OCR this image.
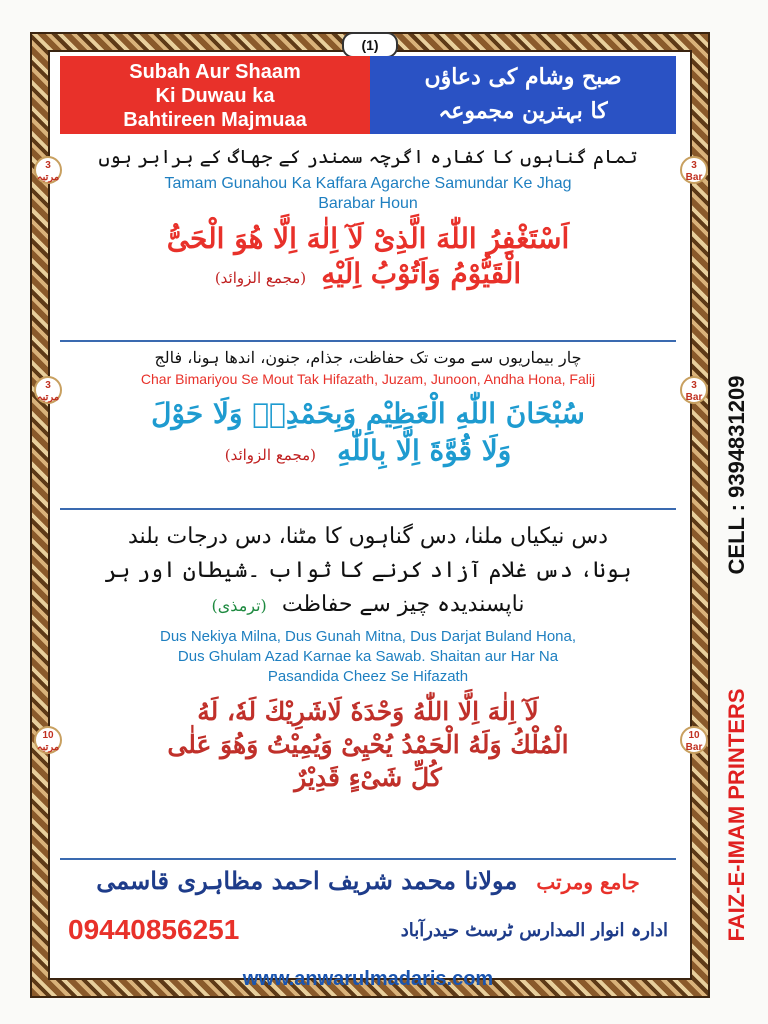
(1)
Subah Aur Shaam
Ki Duwau ka
Bahtireen Majmuaa
صبح وشام کی دعاؤں
کا بہترین مجموعہ
تمام گناہوں کا کفارہ اگرچہ سمندر کے جھاگ کے برابر ہوں
Tamam Gunahou Ka Kaffara Agarche Samundar Ke Jhag Barabar Houn
اَسْتَغْفِرُ اللّٰهَ الَّذِىْ لَآ اِلٰهَ اِلَّا هُوَ الْحَىُّ
الْقَيُّوْمُ وَاَتُوْبُ اِلَيْهِ (مجمع الزوائد)
3 مرتبہ
3 Bar
چار بیماریوں سے موت تک حفاظت، جذام، جنون، اندھا ہونا، فالج
Char Bimariyou Se Mout Tak Hifazath, Juzam, Junoon, Andha Hona, Falij
سُبْحَانَ اللّٰهِ الْعَظِيْمِ وَبِحَمْدِهٖ وَلَا حَوْلَ
وَلَا قُوَّةَ اِلَّا بِاللّٰهِ (مجمع الزوائد)
3 مرتبہ
3 Bar
دس نیکیاں ملنا، دس گناہوں کا مٹنا، دس درجات بلند
ہونا، دس غلام آزاد کرنے کا ثواب ۔شیطان اور ہر
ناپسندیدہ چیز سے حفاظت (ترمذی)
Dus Nekiya Milna, Dus Gunah Mitna, Dus Darjat Buland Hona,
Dus Ghulam Azad Karnae ka Sawab. Shaitan aur Har Na
Pasandida Cheez Se Hifazath
لَآ اِلٰهَ اِلَّا اللّٰهُ وَحْدَهٗ لَاشَرِيْكَ لَهٗ، لَهُ
الْمُلْكُ وَلَهُ الْحَمْدُ يُحْيِىْ وَيُمِيْتُ وَهُوَ عَلٰى
كُلِّ شَىْءٍ قَدِيْرٌ
10 مرتبہ
10 Bar
جامع ومرتب مولانا محمد شریف احمد مظاہری قاسمی
09440856251	ادارہ انوار المدارس ٹرسٹ حیدرآباد
www.anwarulmadaris.com
CELL : 9394831209
FAIZ-E-IMAM PRINTERS
